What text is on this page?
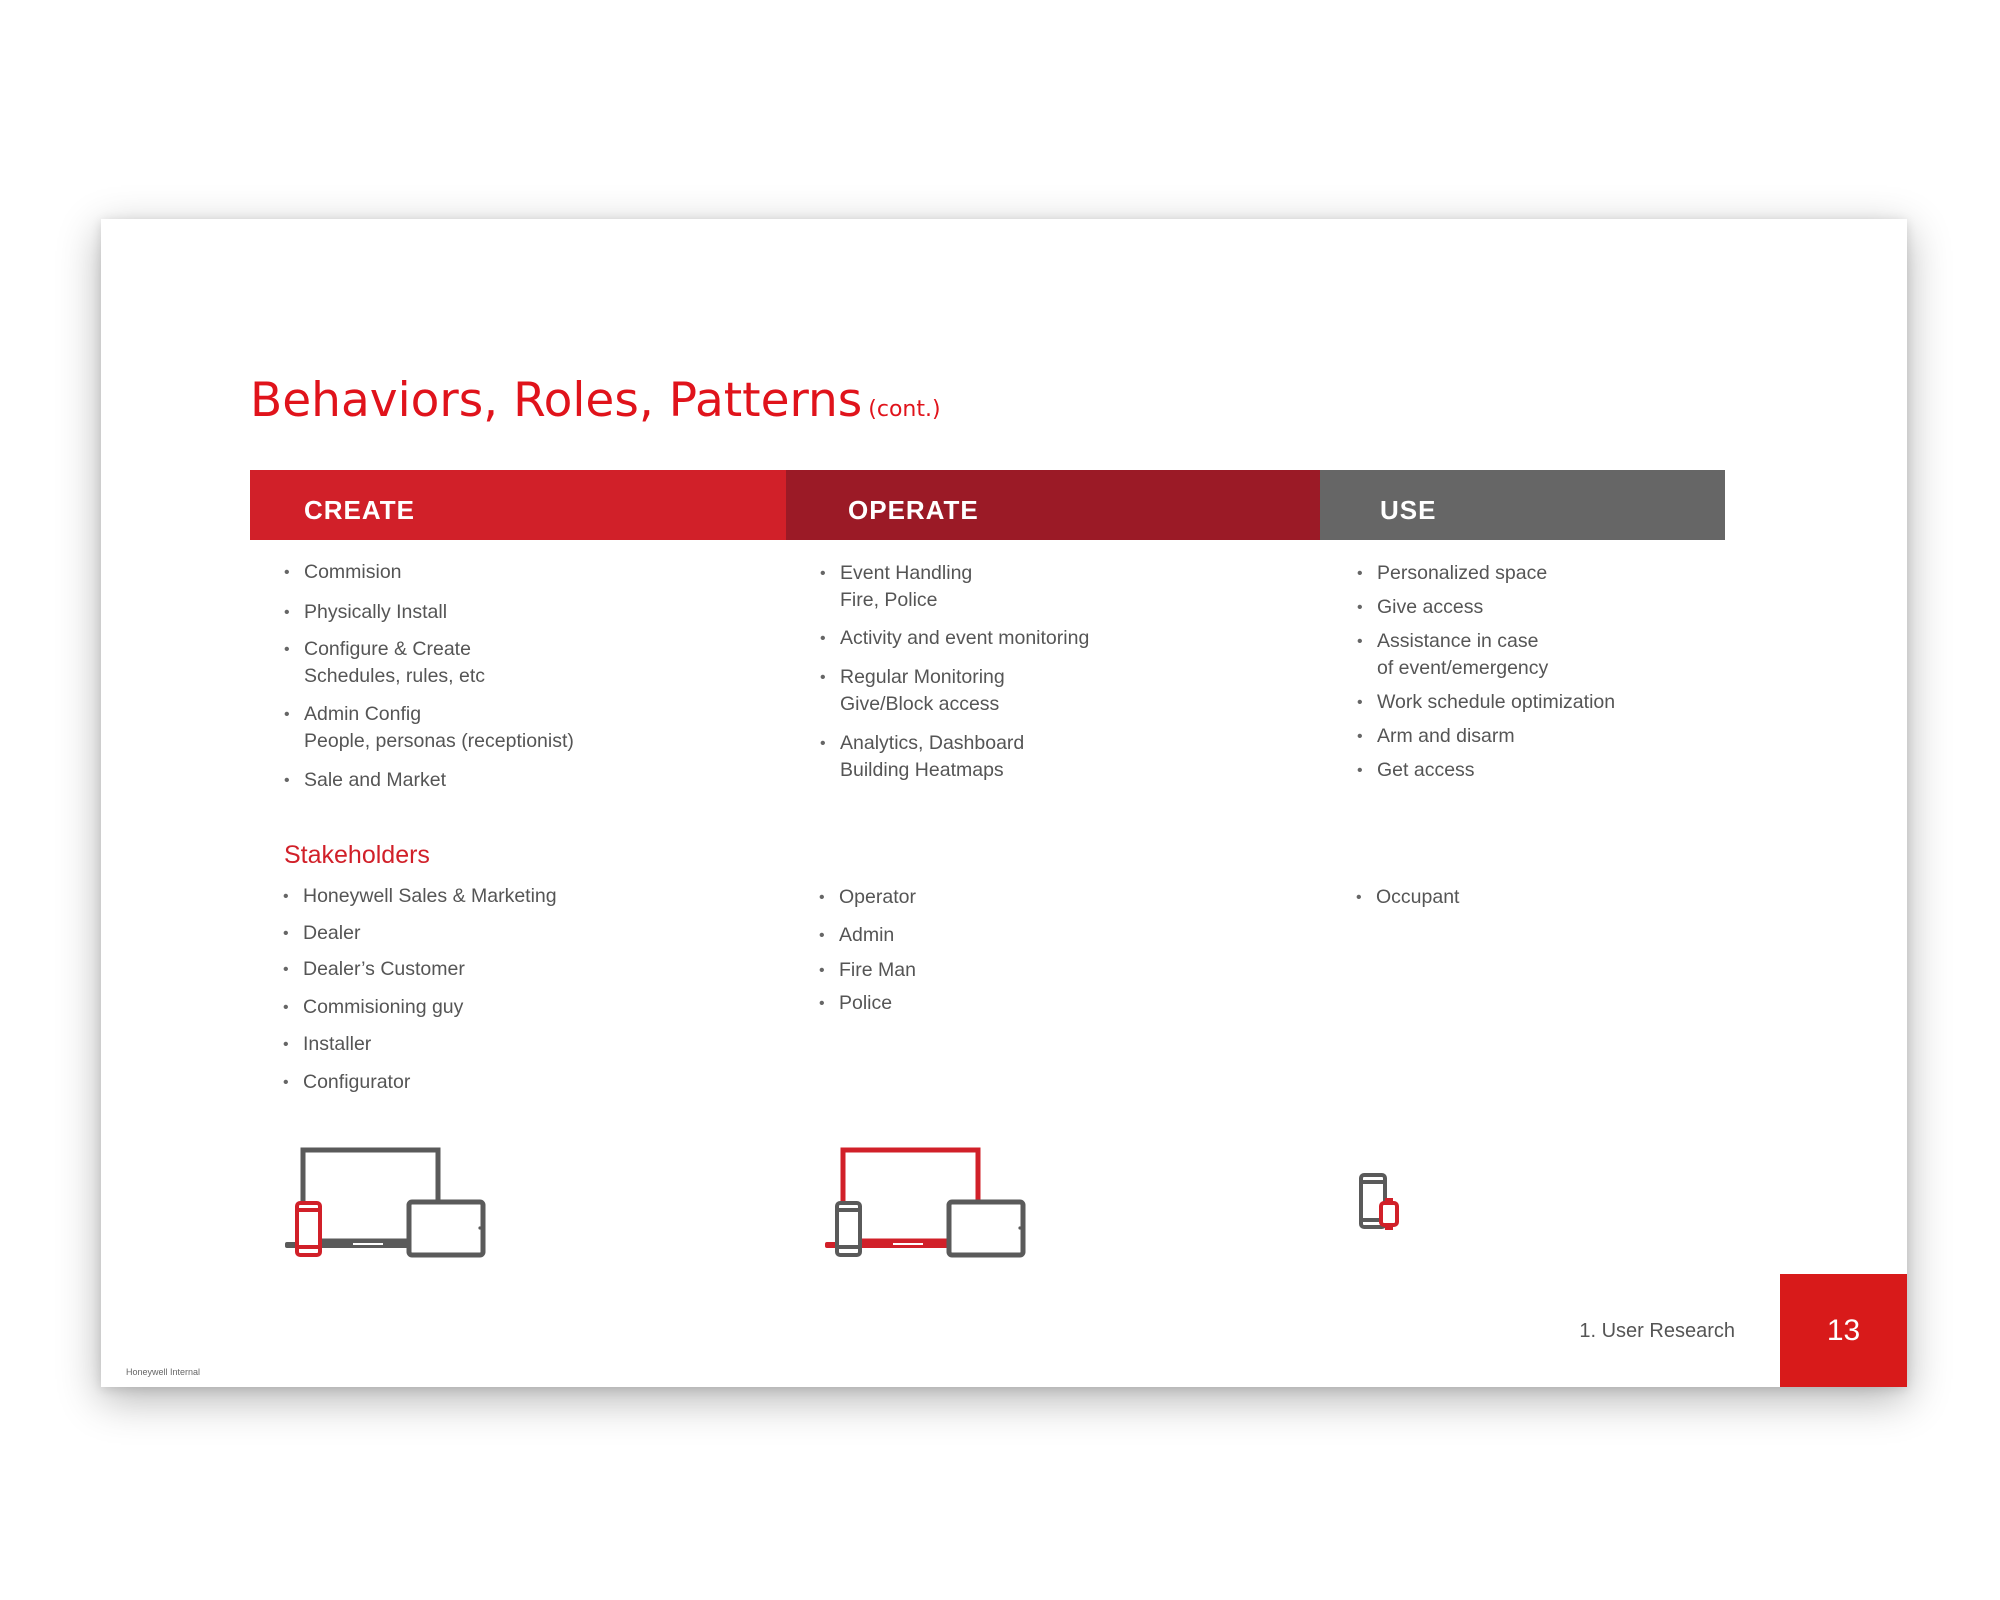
Behaviors, Roles, Patterns (cont.)
CREATE	OPERATE	USE
• Commision
• Physically Install
• Configure & Create
Schedules, rules, etc
• Admin Config
People, personas (receptionist)
• Sale and Market
• Event Handling
Fire, Police
• Activity and event monitoring
• Regular Monitoring
Give/Block access
• Analytics, Dashboard
Building Heatmaps
• Personalized space
• Give access
• Assistance in case
of event/emergency
• Work schedule optimization
• Arm and disarm
• Get access
Stakeholders
• Honeywell Sales & Marketing
• Dealer
• Dealer’s Customer
• Commisioning guy
• Installer
• Configurator
• Operator
• Admin
• Fire Man
• Police
• Occupant
1. User Research	13
Honeywell Internal
